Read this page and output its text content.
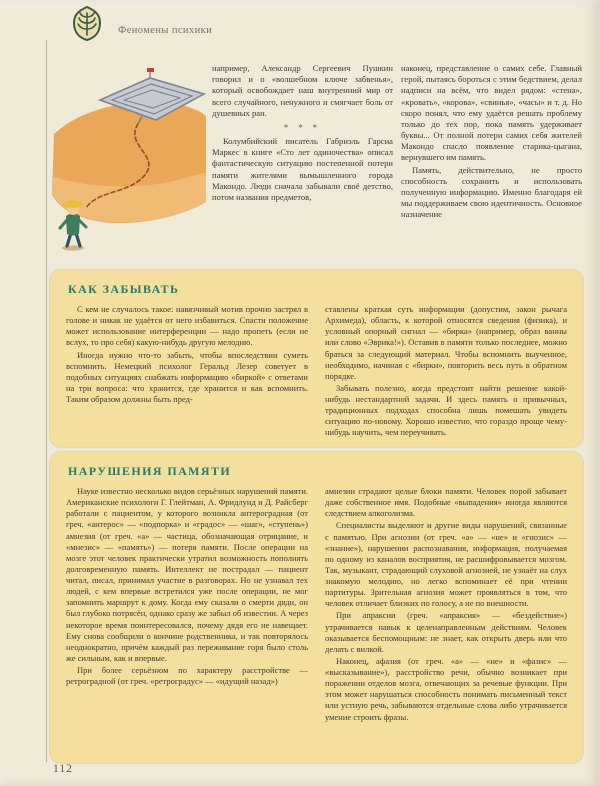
Феномены психики

например, Александр Сергеевич Пушкин говорил и о «волшебном ключе забвенья», который освобождает наш внутренний мир от всего случайного, ненужного и смягчает боль от душевных ран.

* * *

Колумбийский писатель Габриэль Гарсиа Маркес в книге «Сто лет одиночества» описал фантастическую ситуацию постепенной потери памяти жителями вымышленного города Макондо. Люди сначала забывали своё детство, потом названия предметов,

наконец, представление о самих себе. Главный герой, пытаясь бороться с этим бедствием, делал надписи на всём, что видел рядом: «стена», «кровать», «корова», «свинья», «часы» и т. д. Но скоро понял, что ему удаётся решать проблему только до тех пор, пока память удерживает буквы... От полной потери самих себя жителей Макондо спасло появление старика-цыгана, вернувшего им память.

Память, действительно, не просто способность сохранить и использовать полученную информацию. Именно благодаря ей мы поддерживаем свою идентичность. Основное назначение

КАК ЗАБЫВАТЬ

С кем не случалось такое: навязчивый мотив прочно застрял в голове и никак не удаётся от него избавиться. Спасти положение может использование интерференции — надо пропеть (если не вслух, то про себя) какую-нибудь другую мелодию.

Иногда нужно что-то забыть, чтобы впоследствии суметь вспомнить. Немецкий психолог Геральд Лезер советует в подобных ситуациях снабжать информацию «биркой» с ответами на три вопроса: что хранится, где хранится и как вспомнить. Таким образом должны быть пред-

ставлены краткая суть информации (допустим, закон рычага Архимеда), область, к которой относятся сведения (физика), и условный опорный сигнал — «бирка» (например, образ ванны или слово «Эврика!»). Оставив в памяти только последнее, можно браться за следующий материал. Чтобы вспомнить выученное, необходимо, начиная с «бирки», повторить весь путь в обратном порядке.

Забывать полезно, когда предстоит найти решение какой-нибудь нестандартной задачи. И здесь память о привычных, традиционных подходах способна лишь помешать увидеть ситуацию по-новому. Хорошо известно, что гораздо проще чему-нибудь научить, чем переучивать.

НАРУШЕНИЯ ПАМЯТИ

Науке известно несколько видов серьёзных нарушений памяти. Американские психологи Г. Глейтман, А. Фридлунд и Д. Райсберг работали с пациентом, у которого возникла антероградная (от греч. «антерос» — «подпорка» и «градос» — «шаг», «ступень») амнезия (от греч. «а» — частица, обозначающая отрицание, и «мнезис» — «память») — потеря памяти. После операции на мозге этот человек практически утратил возможность пополнять долговременную память. Интеллект не пострадал — пациент читал, писал, принимал участие в разговорах. Но не узнавал тех людей, с кем впервые встретился уже после операции, не мог запомнить маршрут к дому. Когда ему сказали о смерти дяди, он был глубоко потрясён, однако сразу же забыл об известии. А через некоторое время поинтересовался, почему дядя его не навещает. Ему снова сообщили о кончине родственника, и так повторялось неоднократно, причём каждый раз переживание горя было столь же сильным, как и впервые.

При более серьёзном по характеру расстройстве — ретроградной (от греч. «ретроградус» — «идущий назад»)

амнезии страдают целые блоки памяти. Человек порой забывает даже собственное имя. Подобные «выпадения» иногда являются следствием алкоголизма.

Специалисты выделяют и другие виды нарушений, связанные с памятью. При агнозии (от греч. «а» — «не» и «гнозис» — «знание»), нарушении распознавания, информация, получаемая по одному из каналов восприятия, не расшифровывается мозгом. Так, музыкант, страдающий слуховой агнозией, не узнаёт на слух знакомую мелодию, но легко вспоминает её при чтении партитуры. Зрительная агнозия может проявляться в том, что человек отличает близких по голосу, а не по внешности.

При апраксии (греч. «апраксия» — «бездействие») утрачивается навык к целенаправленным действиям. Человек оказывается беспомощным: не знает, как открыть дверь или что делать с вилкой.

Наконец, афазия (от греч. «а» — «не» и «фазис» — «высказывание»), расстройство речи, обычно возникает при поражении отделов мозга, отвечающих за речевые функции. При этом может нарушаться способность понимать письменный текст или устную речь, забываются отдельные слова либо утрачивается умение строить фразы.

112
